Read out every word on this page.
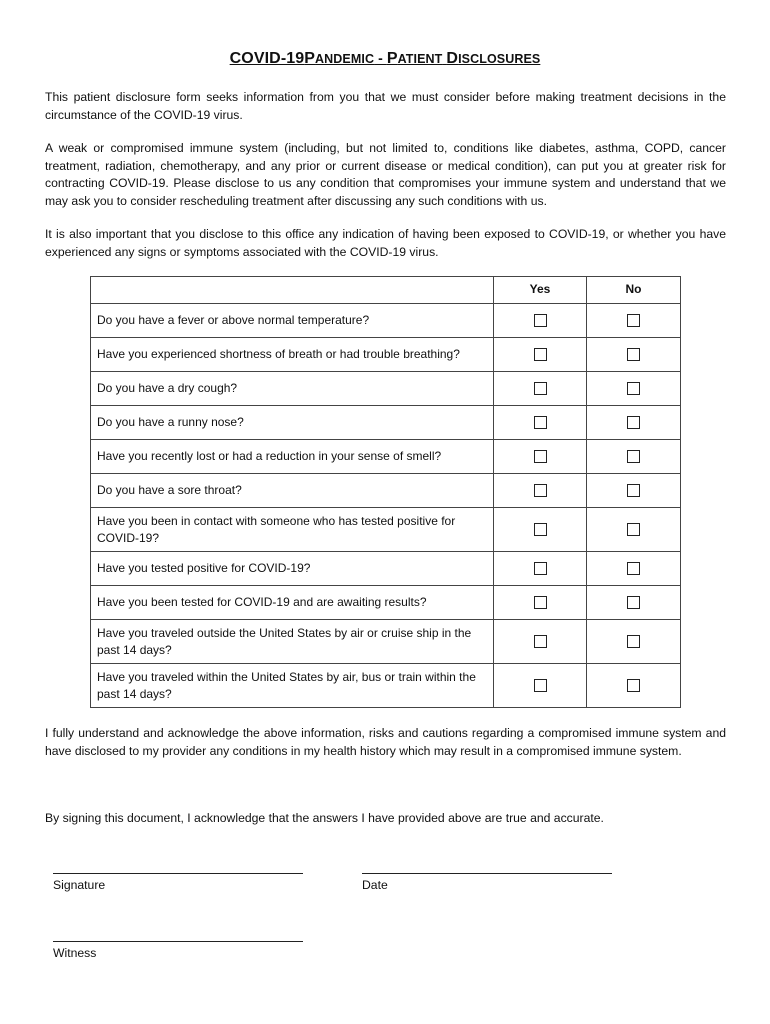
COVID-19PANDEMIC - PATIENT DISCLOSURES

This patient disclosure form seeks information from you that we must consider before making treatment decisions in the circumstance of the COVID-19 virus.

A weak or compromised immune system (including, but not limited to, conditions like diabetes, asthma, COPD, cancer treatment, radiation, chemotherapy, and any prior or current disease or medical condition), can put you at greater risk for contracting COVID-19. Please disclose to us any condition that compromises your immune system and understand that we may ask you to consider rescheduling treatment after discussing any such conditions with us.

It is also important that you disclose to this office any indication of having been exposed to COVID-19, or whether you have experienced any signs or symptoms associated with the COVID-19 virus.

	Yes	No
Do you have a fever or above normal temperature?		
Have you experienced shortness of breath or had trouble breathing?		
Do you have a dry cough?		
Do you have a runny nose?		
Have you recently lost or had a reduction in your sense of smell?		
Do you have a sore throat?		
Have you been in contact with someone who has tested positive for COVID-19?		
Have you tested positive for COVID-19?		
Have you been tested for COVID-19 and are awaiting results?		
Have you traveled outside the United States by air or cruise ship in the past 14 days?		
Have you traveled within the United States by air, bus or train within the past 14 days?		

I fully understand and acknowledge the above information, risks and cautions regarding a compromised immune system and have disclosed to my provider any conditions in my health history which may result in a compromised immune system.

By signing this document, I acknowledge that the answers I have provided above are true and accurate.

Signature	Date
Witness
